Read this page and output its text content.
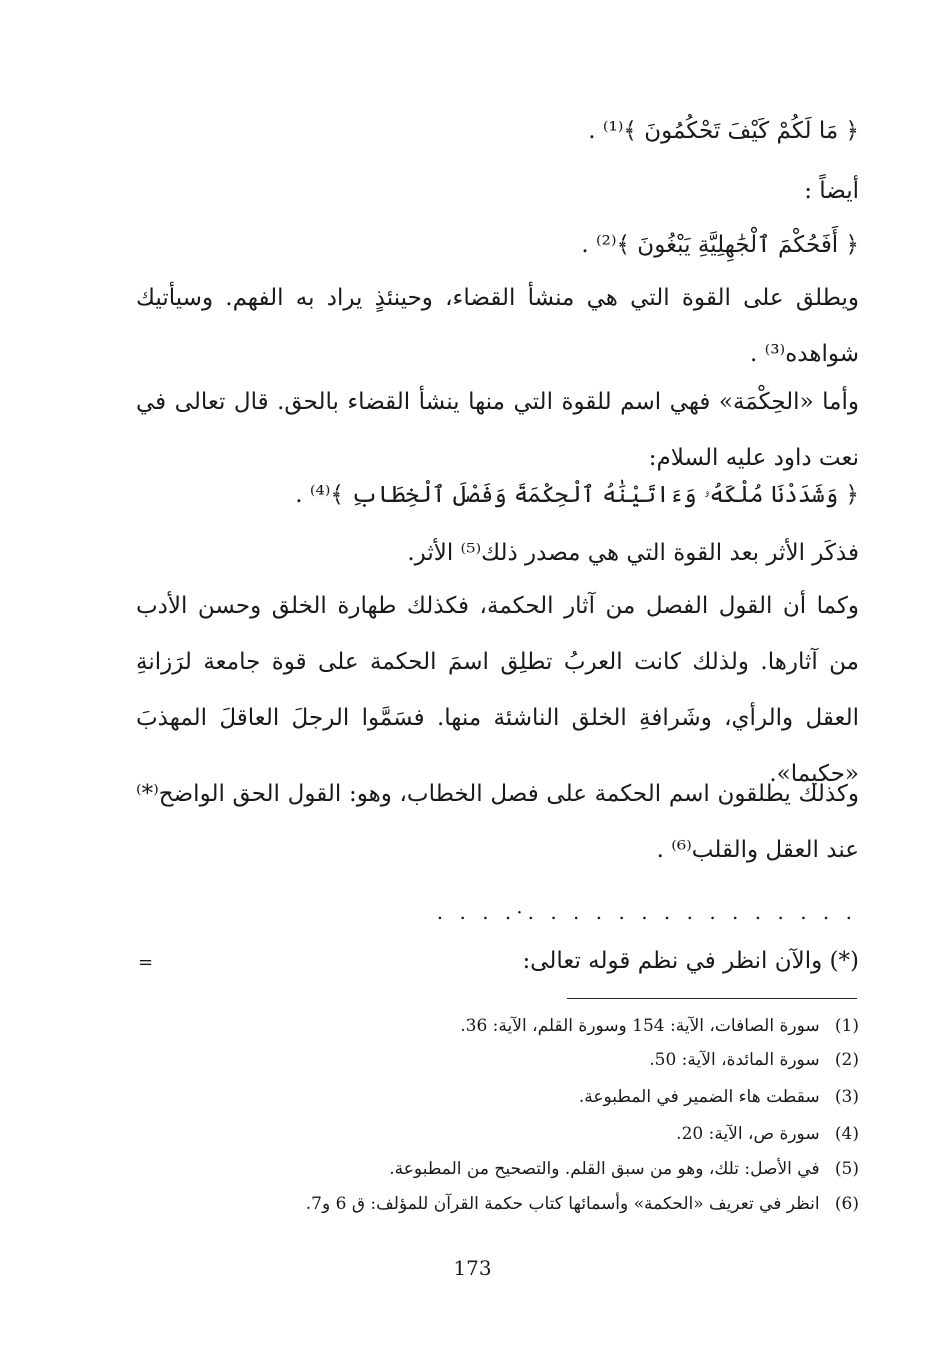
﴿ مَا لَكُمْ كَيْفَ تَحْكُمُونَ ﴾⁽¹⁾ .
أيضاً :
﴿ أَفَحُكْمَ ٱلْجَٰهِلِيَّةِ يَبْغُونَ ﴾⁽²⁾ .
ويطلق على القوة التي هي منشأ القضاء، وحينئذٍ يراد به الفهم. وسيأتيك شواهده⁽³⁾ .
وأما «الحِكْمَة» فهي اسم للقوة التي منها ينشأ القضاء بالحق. قال تعالى في نعت داود عليه السلام:
﴿ وَشَدَدْنَا مُلْكَهُۥ وَءَاتَيْنَٰهُ ٱلْحِكْمَةَ وَفَصْلَ ٱلْخِطَابِ ﴾⁽⁴⁾ .
فذكَر الأثر بعد القوة التي هي مصدر ذلك⁽⁵⁾ الأثر.
وكما أن القول الفصل من آثار الحكمة، فكذلك طهارة الخلق وحسن الأدب من آثارها. ولذلك كانت العربُ تطلِق اسمَ الحكمة على قوة جامعة لرَزانةِ العقل والرأي، وشَرافةِ الخلق الناشئة منها. فسَمَّوا الرجلَ العاقلَ المهذبَ «حكيما».
وكذلك يطلقون اسم الحكمة على فصل الخطاب، وهو: القول الحق الواضح⁽*⁾ عند العقل والقلب⁽⁶⁾ .
. . . .·. . . . . . . . . . . . . . .
(*) والآن انظر في نظم قوله تعالى:
=
(1) سورة الصافات، الآية: 154 وسورة القلم، الآية: 36.
(2) سورة المائدة، الآية: 50.
(3) سقطت هاء الضمير في المطبوعة.
(4) سورة ص، الآية: 20.
(5) في الأصل: تلك، وهو من سبق القلم. والتصحيح من المطبوعة.
(6) انظر في تعريف «الحكمة» وأسمائها كتاب حكمة القرآن للمؤلف: ق 6 و7.
173
